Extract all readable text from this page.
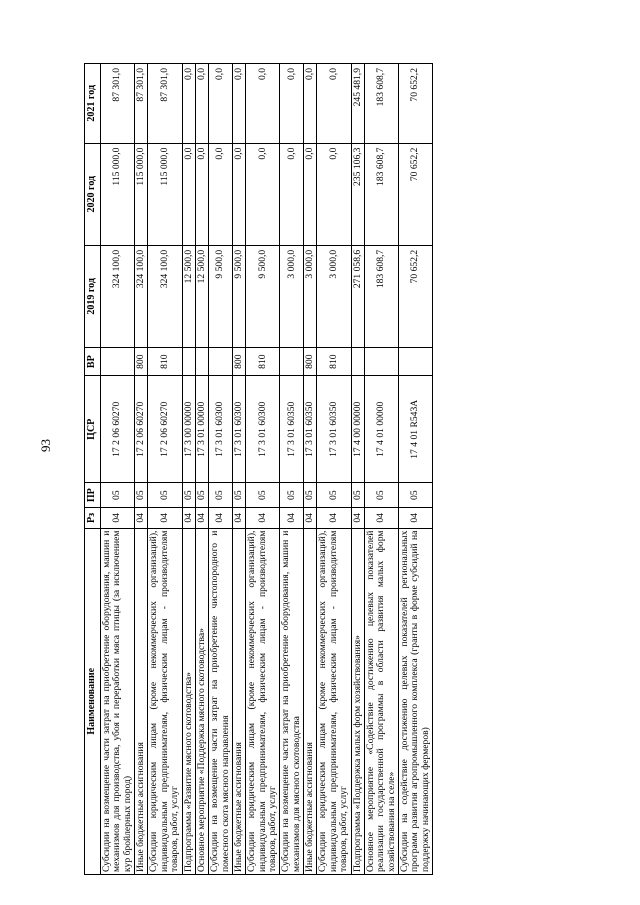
93
Наименование	Рз	ПР	ЦСР	ВР	2019 год	2020 год	2021 год
Субсидии на возмещение части затрат на приобретение оборудования, машин и механизмов для производства, убоя и переработки мяса птицы (за исключением кур бройлерных пород)	04	05	17 2 06 60270		324 100,0	115 000,0	87 301,0
Иные бюджетные ассигнования	04	05	17 2 06 60270	800	324 100,0	115 000,0	87 301,0
Субсидии юридическим лицам (кроме некоммерческих организаций), индивидуальным предпринимателям, физическим лицам - производителям товаров, работ, услуг	04	05	17 2 06 60270	810	324 100,0	115 000,0	87 301,0
Подпрограмма «Развитие мясного скотоводства»	04	05	17 3 00 00000		12 500,0	0,0	0,0
Основное мероприятие «Поддержка мясного скотоводства»	04	05	17 3 01 00000		12 500,0	0,0	0,0
Субсидии на возмещение части затрат на приобретение чистопородного и помесного скота мясного направления	04	05	17 3 01 60300		9 500,0	0,0	0,0
Иные бюджетные ассигнования	04	05	17 3 01 60300	800	9 500,0	0,0	0,0
Субсидии юридическим лицам (кроме некоммерческих организаций), индивидуальным предпринимателям, физическим лицам - производителям товаров, работ, услуг	04	05	17 3 01 60300	810	9 500,0	0,0	0,0
Субсидии на возмещение части затрат на приобретение оборудования, машин и механизмов для мясного скотоводства	04	05	17 3 01 60350		3 000,0	0,0	0,0
Иные бюджетные ассигнования	04	05	17 3 01 60350	800	3 000,0	0,0	0,0
Субсидии юридическим лицам (кроме некоммерческих организаций), индивидуальным предпринимателям, физическим лицам - производителям товаров, работ, услуг	04	05	17 3 01 60350	810	3 000,0	0,0	0,0
Подпрограмма «Поддержка малых форм хозяйствования»	04	05	17 4 00 00000		271 058,6	235 106,3	245 481,9
Основное мероприятие «Содействие достижению целевых показателей реализации государственной программы в области развития малых форм хозяйствования на селе»	04	05	17 4 01 00000		183 608,7	183 608,7	183 608,7
Субсидии на содействие достижению целевых показателей региональных программ развития агропромышленного комплекса (гранты в форме субсидий на поддержку начинающих фермеров)	04	05	17 4 01 R543А		70 652,2	70 652,2	70 652,2
